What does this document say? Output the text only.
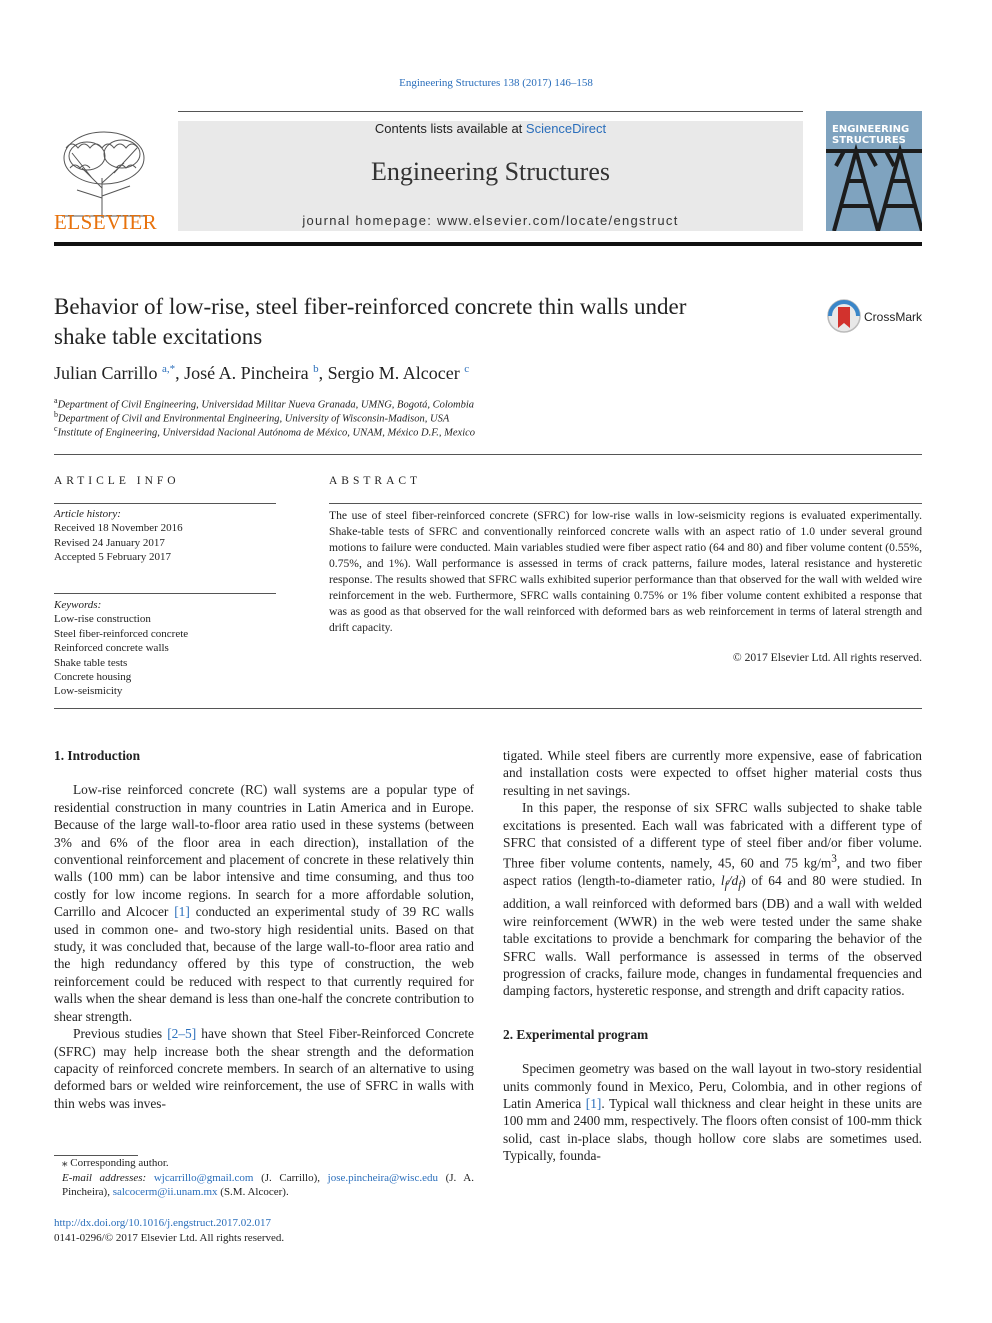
Engineering Structures 138 (2017) 146–158
ELSEVIER
Contents lists available at ScienceDirect
Engineering Structures
journal homepage: www.elsevier.com/locate/engstruct
ENGINEERING
STRUCTURES
Behavior of low-rise, steel fiber-reinforced concrete thin walls under
shake table excitations
CrossMark
Julian Carrillo $^{a,*}$, José A. Pincheira $^b$, Sergio M. Alcocer $^c$
$^a$Department of Civil Engineering, Universidad Militar Nueva Granada, UMNG, Bogotá, Colombia
$^b$Department of Civil and Environmental Engineering, University of Wisconsin-Madison, USA
$^c$Institute of Engineering, Universidad Nacional Autónoma de México, UNAM, México D.F., Mexico
ARTICLE INFO
Article history:
Received 18 November 2016
Revised 24 January 2017
Accepted 5 February 2017
Keywords:
Low-rise construction
Steel fiber-reinforced concrete
Reinforced concrete walls
Shake table tests
Concrete housing
Low-seismicity
ABSTRACT
The use of steel fiber-reinforced concrete (SFRC) for low-rise walls in low-seismicity regions is evaluated experimentally. Shake-table tests of SFRC and conventionally reinforced concrete walls with an aspect ratio of 1.0 under several ground motions to failure were conducted. Main variables studied were fiber aspect ratio (64 and 80) and fiber volume content (0.55%, 0.75%, and 1%). Wall performance is assessed in terms of crack patterns, failure modes, lateral resistance and hysteretic response. The results showed that SFRC walls exhibited superior performance than that observed for the wall with welded wire reinforcement in the web. Furthermore, SFRC walls containing 0.75% or 1% fiber volume content exhibited a response that was as good as that observed for the wall reinforced with deformed bars as web reinforcement in terms of lateral strength and drift capacity.
© 2017 Elsevier Ltd. All rights reserved.

1. Introduction

Low-rise reinforced concrete (RC) wall systems are a popular type of residential construction in many countries in Latin America and in Europe. Because of the large wall-to-floor area ratio used in these systems (between 3% and 6% of the floor area in each direction), installation of the conventional reinforcement and placement of concrete in these relatively thin walls (100 mm) can be labor intensive and time consuming, and thus too costly for low income regions. In search for a more affordable solution, Carrillo and Alcocer [1] conducted an experimental study of 39 RC walls used in common one- and two-story high residential units. Based on that study, it was concluded that, because of the large wall-to-floor area ratio and the high redundancy offered by this type of construction, the web reinforcement could be reduced with respect to that currently required for walls when the shear demand is less than one-half the concrete contribution to shear strength.

Previous studies [2–5] have shown that Steel Fiber-Reinforced Concrete (SFRC) may help increase both the shear strength and the deformation capacity of reinforced concrete members. In search of an alternative to using deformed bars or welded wire reinforcement, the use of SFRC in walls with thin webs was inves-

tigated. While steel fibers are currently more expensive, ease of fabrication and installation costs were expected to offset higher material costs thus resulting in net savings.

In this paper, the response of six SFRC walls subjected to shake table excitations is presented. Each wall was fabricated with a different type of SFRC that consisted of a different type of steel fiber and/or fiber volume. Three fiber volume contents, namely, 45, 60 and 75 $kg/m^3$, and two fiber aspect ratios (length-to-diameter ratio, $l_f/d_f$) of 64 and 80 were studied. In addition, a wall reinforced with deformed bars (DB) and a wall with welded wire reinforcement (WWR) in the web were tested under the same shake table excitations to provide a benchmark for comparing the behavior of the SFRC walls. Wall performance is assessed in terms of the observed progression of cracks, failure mode, changes in fundamental frequencies and damping factors, hysteretic response, and strength and drift capacity ratios.

2. Experimental program

Specimen geometry was based on the wall layout in two-story residential units commonly found in Mexico, Peru, Colombia, and in other regions of Latin America [1]. Typical wall thickness and clear height in these units are 100 mm and 2400 mm, respectively. The floors often consist of 100-mm thick solid, cast in-place slabs, though hollow core slabs are sometimes used. Typically, founda-

⁎ Corresponding author.
E-mail addresses: wjcarrillo@gmail.com (J. Carrillo), jose.pincheira@wisc.edu (J. A. Pincheira), salcocerm@ii.unam.mx (S.M. Alcocer).
http://dx.doi.org/10.1016/j.engstruct.2017.02.017
0141-0296/© 2017 Elsevier Ltd. All rights reserved.
